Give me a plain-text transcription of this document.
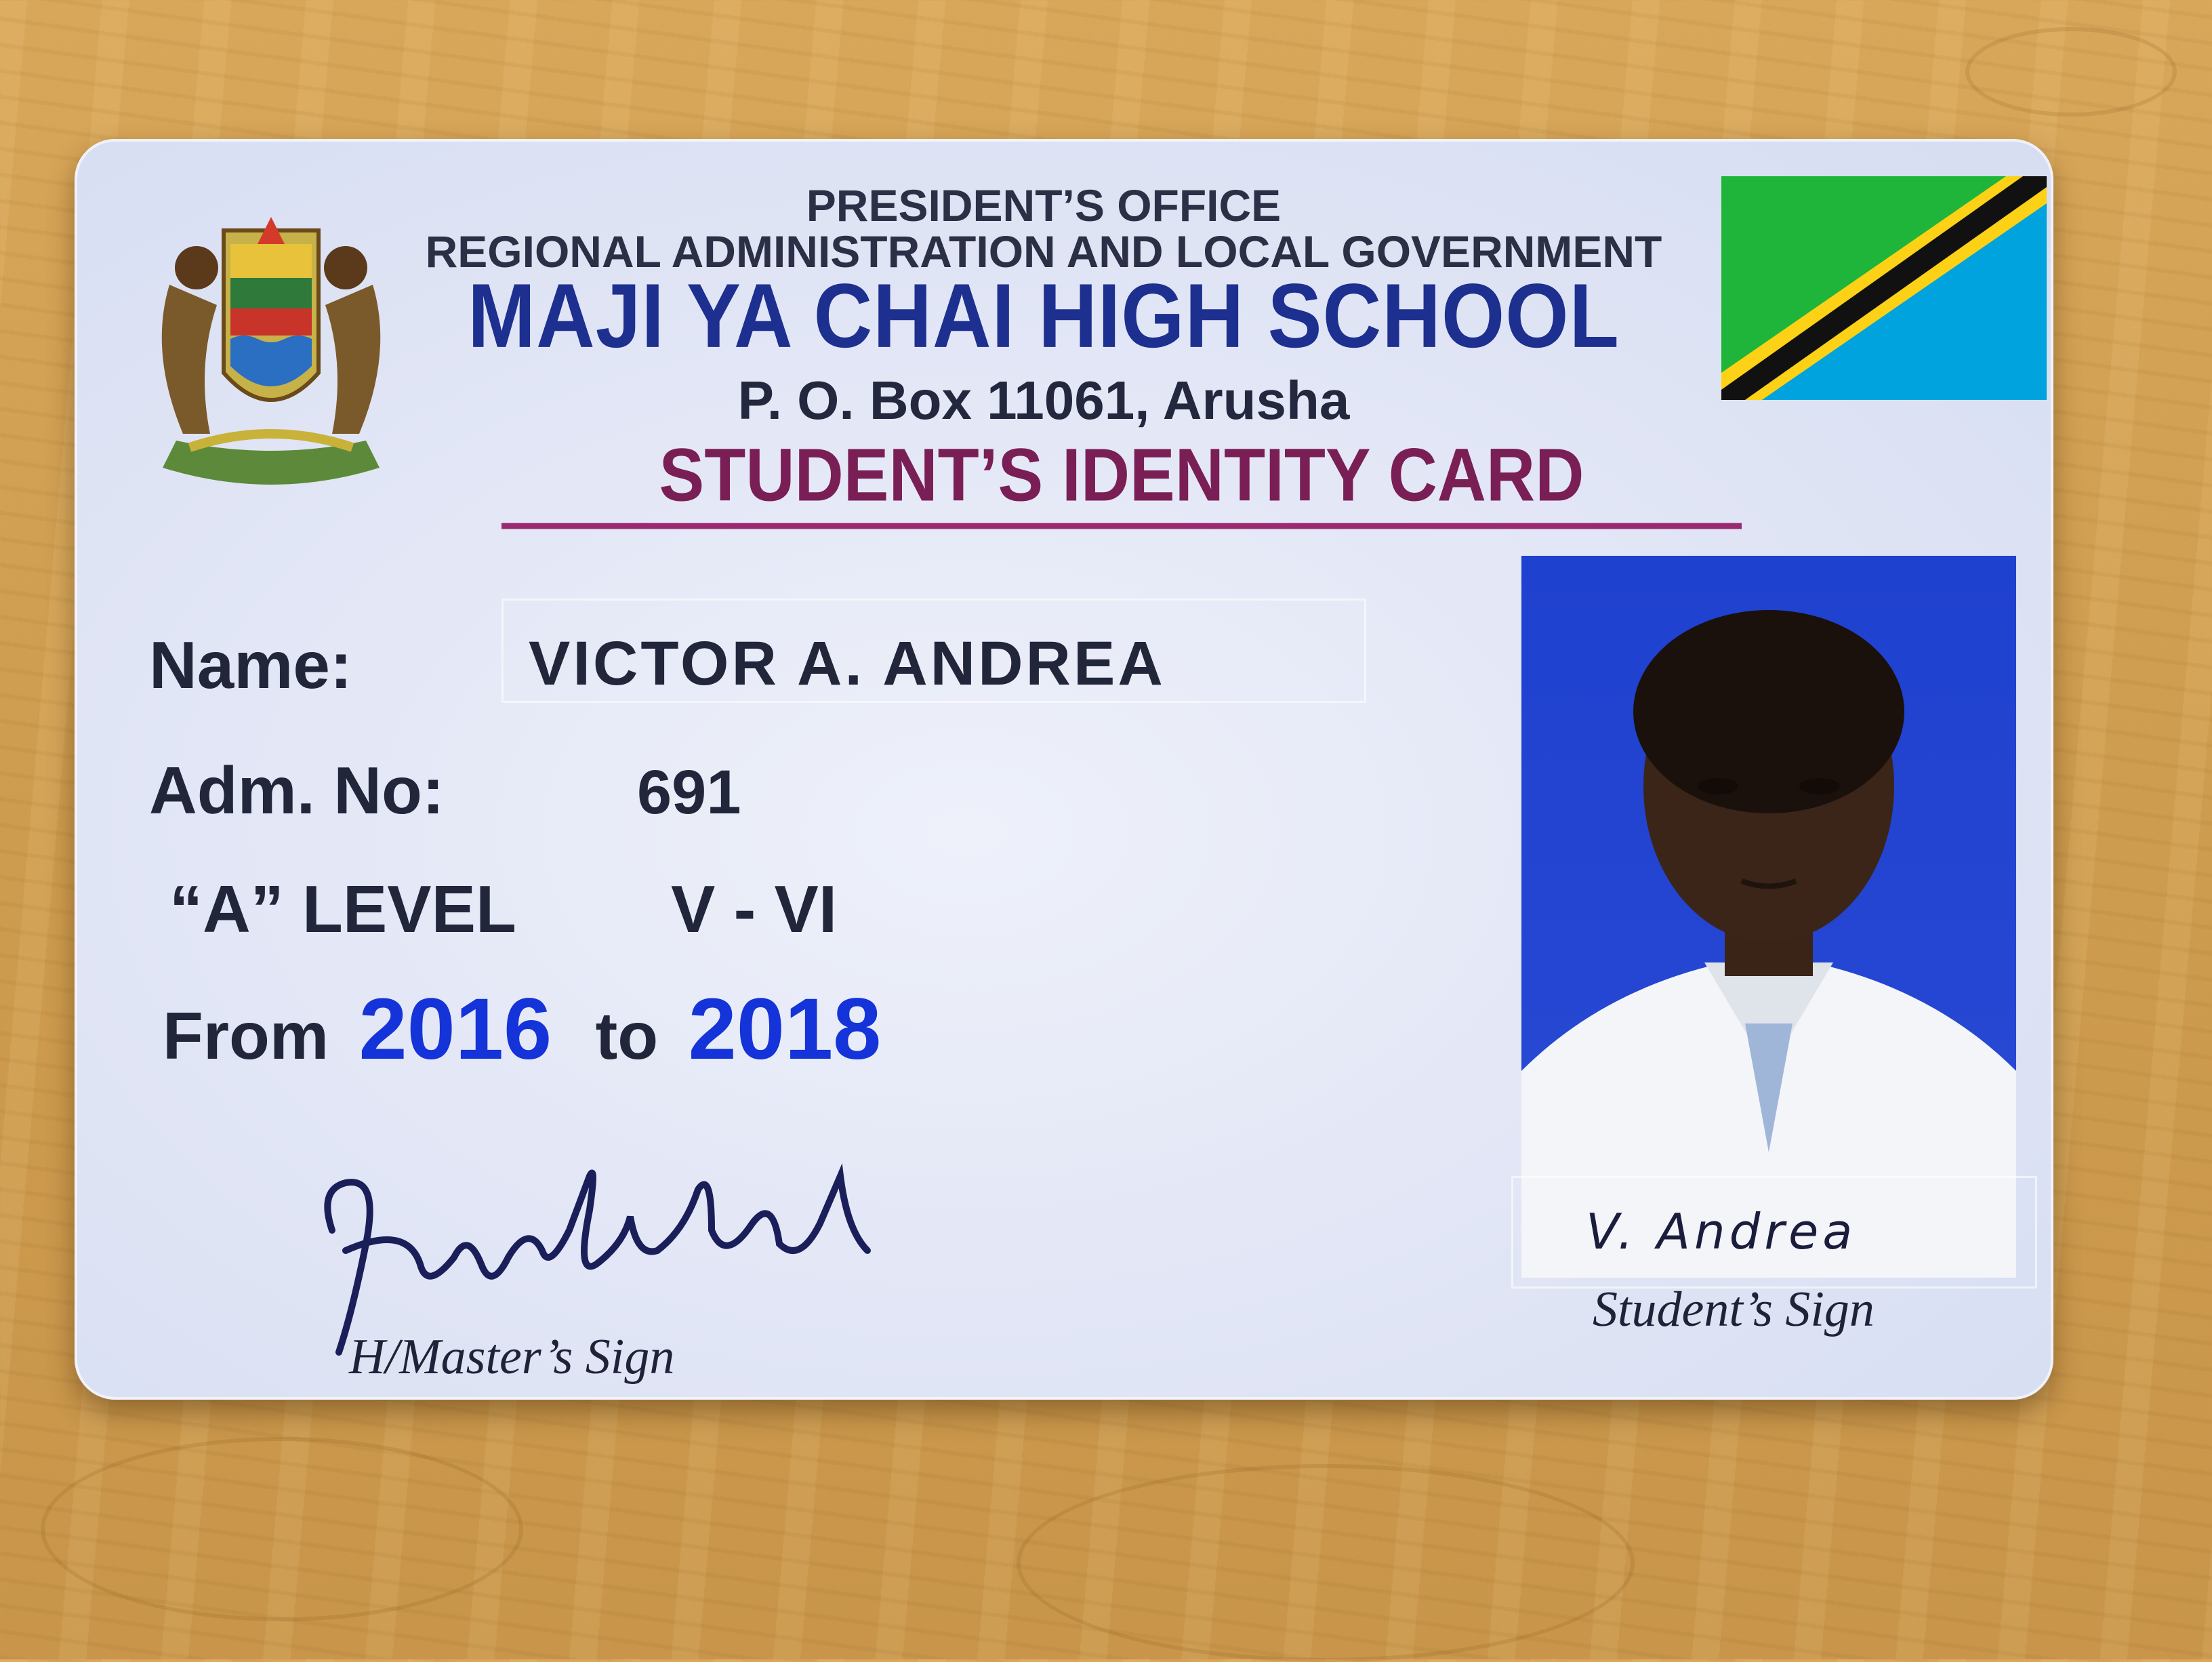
PRESIDENT’S OFFICE

REGIONAL ADMINISTRATION AND LOCAL GOVERNMENT

MAJI YA CHAI HIGH SCHOOL

P. O. Box 11061, Arusha

STUDENT’S IDENTITY CARD

Name:	VICTOR A. ANDREA

Adm. No:	691

“A” LEVEL V - VI
From 2016 to 2018
V. Andrea
Student’s Sign
H/Master’s Sign
